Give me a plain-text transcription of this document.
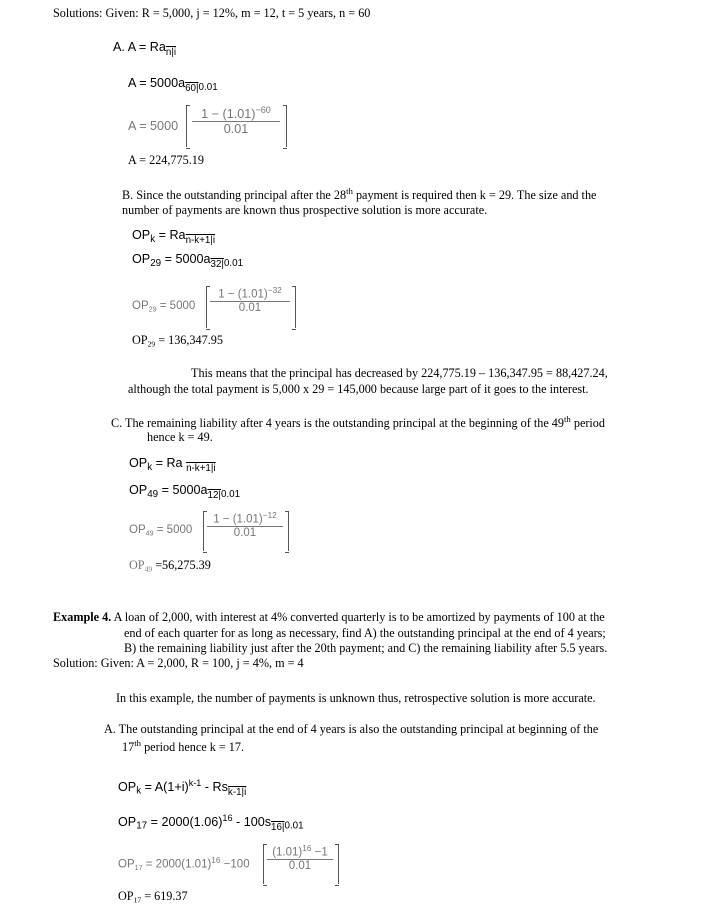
Solutions: Given: R = 5,000, j = 12%, m = 12, t = 5 years, n = 60
A. $A = Ra_{n|i}$
$A = 5000a_{60|0.01}$
$A = 5000 \frac{1 - (1.01)^{-60}}{0.01}$
A = 224,775.19
B. Since the outstanding principal after the 28th payment is required then k = 29. The size and the
number of payments are known thus prospective solution is more accurate.
$OP_k = Ra_{n-k+1|i}$
$OP_{29} = 5000a_{32|0.01}$
$OP_{29} = 5000 \frac{1 - (1.01)^{-32}}{0.01}$
$OP_{29} = 136,347.95$
This means that the principal has decreased by 224,775.19 – 136,347.95 = 88,427.24,
although the total payment is 5,000 x 29 = 145,000 because large part of it goes to the interest.
C. The remaining liability after 4 years is the outstanding principal at the beginning of the 49th period
hence k = 49.
$OP_k = Ra$ $_{n-k+1|i}$
$OP_{49} = 5000a_{12|0.01}$
$OP_{49} = 5000 \frac{1 - (1.01)^{-12}}{0.01}$
$OP_{49} =56,275.39$
Example 4. A loan of 2,000, with interest at 4% converted quarterly is to be amortized by payments of 100 at the
end of each quarter for as long as necessary, find A) the outstanding principal at the end of 4 years;
B) the remaining liability just after the 20th payment; and C) the remaining liability after 5.5 years.
Solution: Given: A = 2,000, R = 100, j = 4%, m = 4
In this example, the number of payments is unknown thus, retrospective solution is more accurate.
A. The outstanding principal at the end of 4 years is also the outstanding principal at beginning of the
17th period hence k = 17.
$OP_k = A(1+i)^{k-1} - Rs_{k-1|i}$
$OP_{17} = 2000(1.06)^{16} - 100s_{16|0.01}$
$OP_{17} = 2000(1.01)^{16} -100 \frac{(1.01)^{16} -1}{0.01}$
$OP_{17} = 619.37$
